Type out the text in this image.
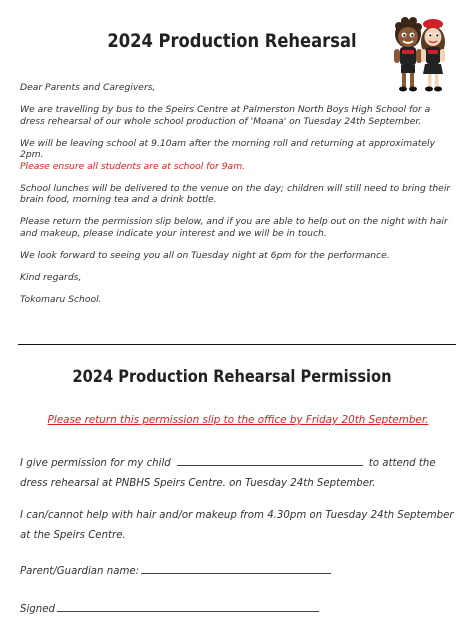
2024 Production Rehearsal

Dear Parents and Caregivers,

We are travelling by bus to the Speirs Centre at Palmerston North Boys High School for a dress rehearsal of our whole school production of 'Moana' on Tuesday 24th September.

We will be leaving school at 9.10am after the morning roll and returning at approximately 2pm.
Please ensure all students are at school for 9am.

School lunches will be delivered to the venue on the day; children will still need to bring their brain food, morning tea and a drink bottle.

Please return the permission slip below, and if you are able to help out on the night with hair and makeup, please indicate your interest and we will be in touch.

We look forward to seeing you all on Tuesday night at 6pm for the performance.

Kind regards,

Tokomaru School.

2024 Production Rehearsal Permission
Please return this permission slip to the office by Friday 20th September.

I give permission for my child	to attend the dress rehearsal at PNBHS Speirs Centre. on Tuesday 24th September.

I can/cannot help with hair and/or makeup from 4.30pm on Tuesday 24th September at the Speirs Centre.

Parent/Guardian name:

Signed
